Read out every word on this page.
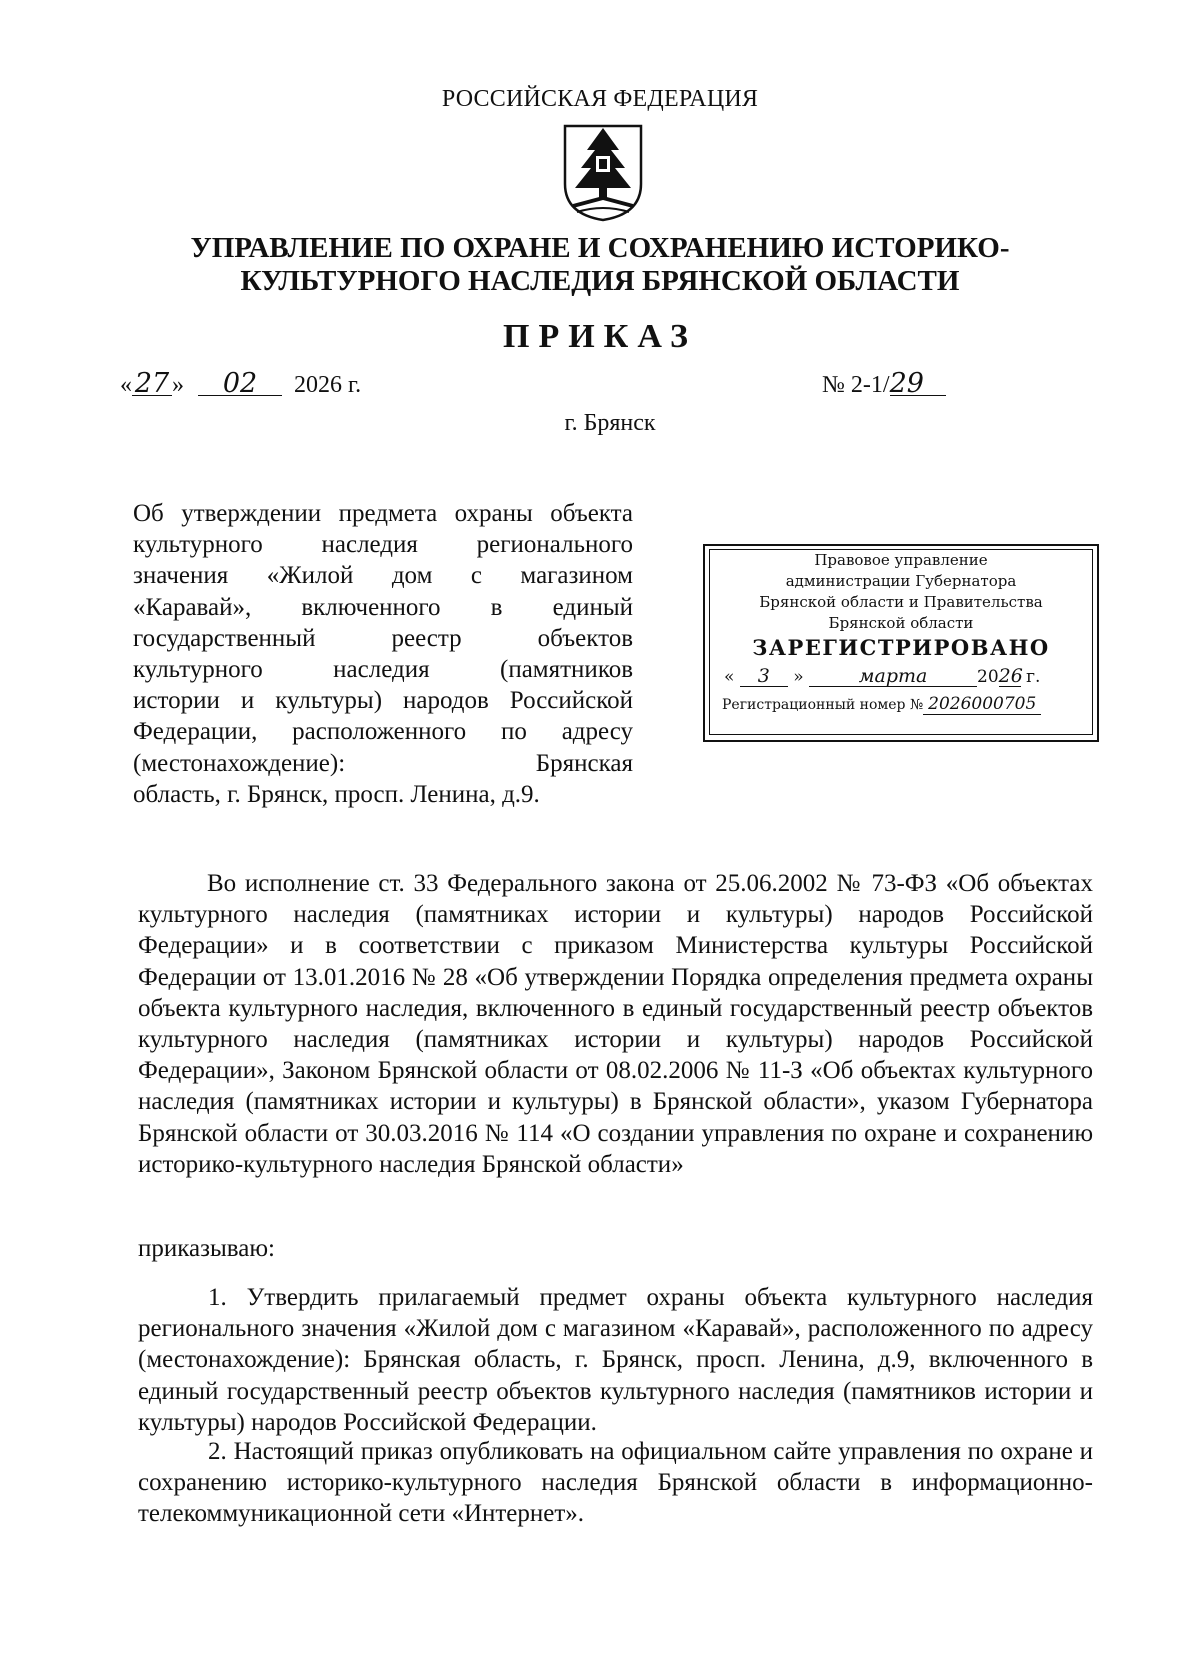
РОССИЙСКАЯ ФЕДЕРАЦИЯ
УПРАВЛЕНИЕ ПО ОХРАНЕ И СОХРАНЕНИЮ ИСТОРИКО-
КУЛЬТУРНОГО НАСЛЕДИЯ БРЯНСКОЙ ОБЛАСТИ
ПРИКАЗ
« 27 » 02 2026 г.	№ 2-1/29
г. Брянск
Об утверждении предмета охраны объекта
культурного наследия регионального
значения «Жилой дом с магазином
«Каравай», включенного в единый
государственный реестр объектов
культурного наследия (памятников
истории и культуры) народов Российской
Федерации, расположенного по адресу
(местонахождение): Брянская
область, г. Брянск, просп. Ленина, д.9.
Правовое управление
администрации Губернатора
Брянской области и Правительства
Брянской области
ЗАРЕГИСТРИРОВАНО
« 3 »	марта	2026 г.
Регистрационный номер № 2026000705
Во исполнение ст. 33 Федерального закона от 25.06.2002 № 73-ФЗ «Об объектах культурного наследия (памятниках истории и культуры) народов Российской Федерации» и в соответствии с приказом Министерства культуры Российской Федерации от 13.01.2016 № 28 «Об утверждении Порядка определения предмета охраны объекта культурного наследия, включенного в единый государственный реестр объектов культурного наследия (памятниках истории и культуры) народов Российской Федерации», Законом Брянской области от 08.02.2006 № 11-З «Об объектах культурного наследия (памятниках истории и культуры) в Брянской области», указом Губернатора Брянской области от 30.03.2016 № 114 «О создании управления по охране и сохранению историко-культурного наследия Брянской области»
приказываю:
1. Утвердить прилагаемый предмет охраны объекта культурного наследия регионального значения «Жилой дом с магазином «Каравай», расположенного по адресу (местонахождение): Брянская область, г. Брянск, просп. Ленина, д.9, включенного в единый государственный реестр объектов культурного наследия (памятников истории и культуры) народов Российской Федерации.
2. Настоящий приказ опубликовать на официальном сайте управления по охране и сохранению историко-культурного наследия Брянской области в информационно-телекоммуникационной сети «Интернет».
